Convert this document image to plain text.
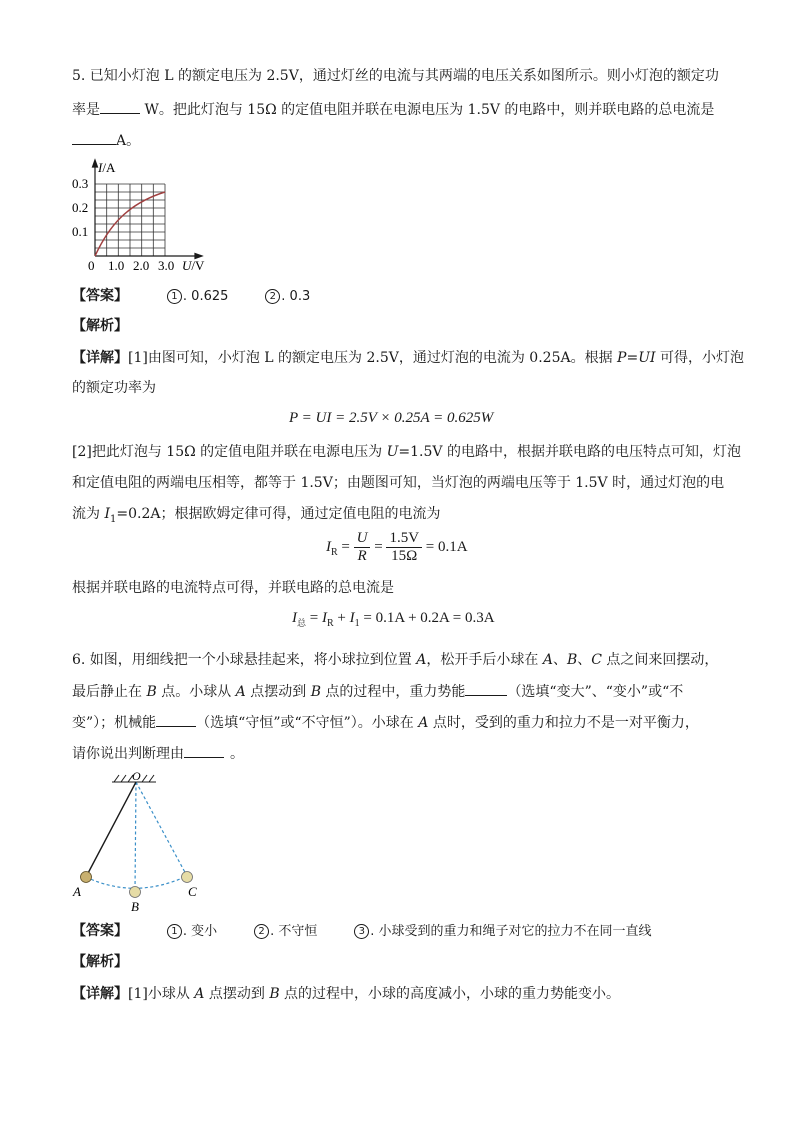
5. 已知小灯泡 L 的额定电压为 2.5V，通过灯丝的电流与其两端的电压关系如图所示。则小灯泡的额定功
率是	W。把此灯泡与 15Ω 的定值电阻并联在电源电压为 1.5V 的电路中，则并联电路的总电流是
A。
I/A
0.3
0.2
0.1
0 1.0 2.0 3.0 U/V
【答案】	1 . 0.625	2 . 0.3
【解析】
【详解】[1]由图可知，小灯泡 L 的额定电压为 2.5V，通过灯泡的电流为 0.25A。根据 P=UI 可得，小灯泡
的额定功率为
P = UI = 2.5V × 0.25A = 0.625W
[2]把此灯泡与 15Ω 的定值电阻并联在电源电压为 U=1.5V 的电路中，根据并联电路的电压特点可知，灯泡
和定值电阻的两端电压相等，都等于 1.5V；由题图可知，当灯泡的两端电压等于 1.5V 时，通过灯泡的电
流为 $I_1=0.2A$；根据欧姆定律可得，通过定值电阻的电流为
$I_R = \frac{U}{R} = \frac{1.5V}{15\Omega} = 0.1A$
根据并联电路的电流特点可得，并联电路的总电流是
$I_总 = I_R + I_1 = 0.1A + 0.2A = 0.3A$
6. 如图，用细线把一个小球悬挂起来，将小球拉到位置 A，松开手后小球在 A、B、C 点之间来回摆动，
最后静止在 B 点。小球从 A 点摆动到 B 点的过程中，重力势能	（选填“变大”、“变小”或“不
变”）；机械能	（选填“守恒”或“不守恒”）。小球在 A 点时，受到的重力和拉力不是一对平衡力，
请你说出判断理由	。
O
A
B
C
【答案】	1 . 变小	2 . 不守恒	3 . 小球受到的重力和绳子对它的拉力不在同一直线
【解析】
【详解】[1]小球从 A 点摆动到 B 点的过程中，小球的高度减小，小球的重力势能变小。
